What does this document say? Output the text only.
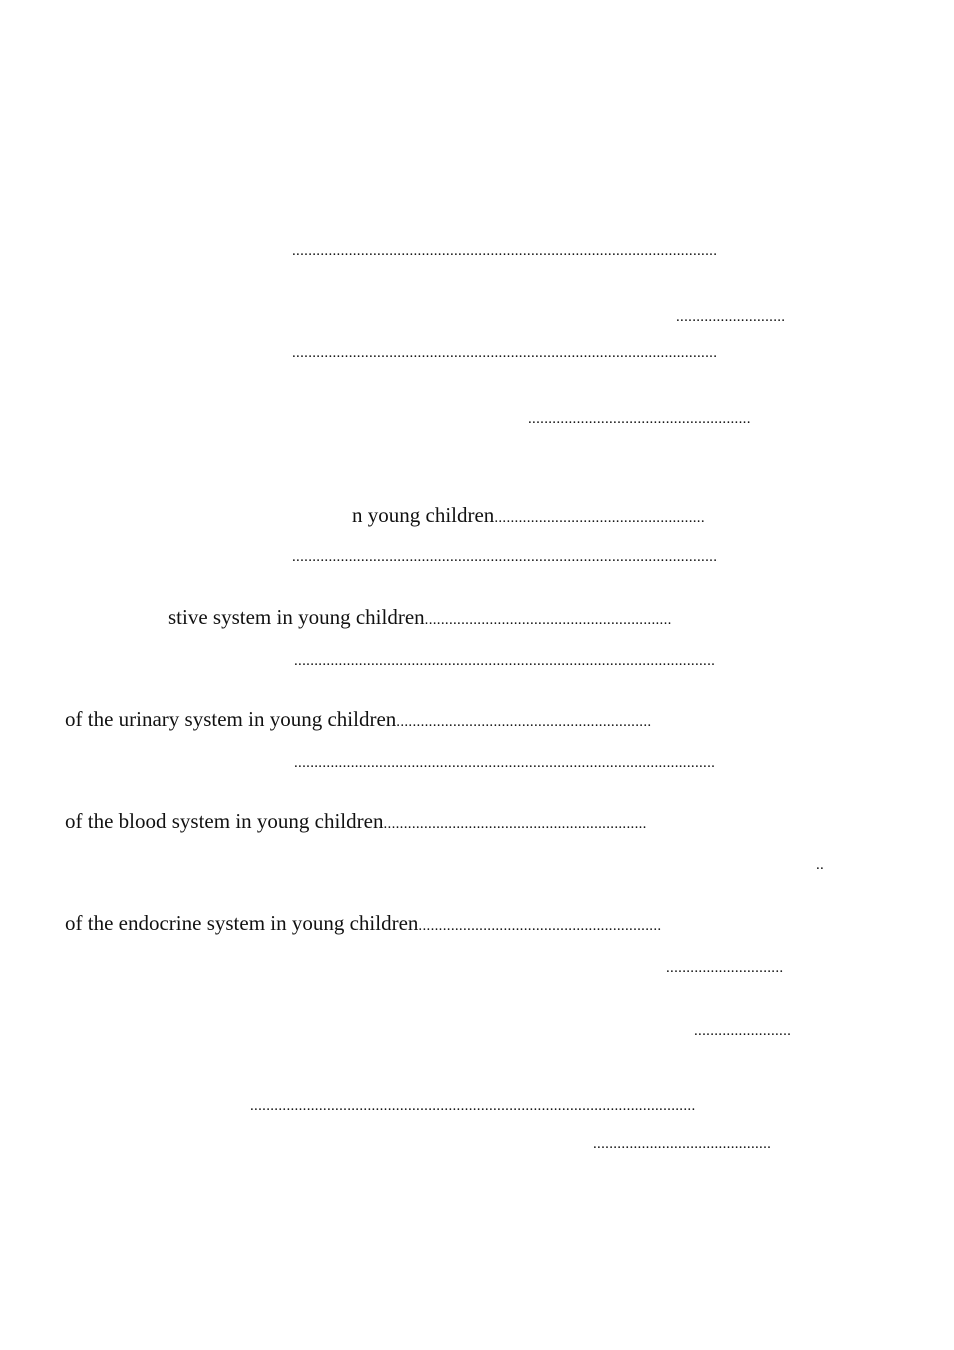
.........................................................................................................
...........................
.........................................................................................................
.......................................................
n young children....................................................
.........................................................................................................
stive system in young children.............................................................
........................................................................................................
of the urinary system in young children...............................................................
........................................................................................................
of the blood system in young children.................................................................
..
of the endocrine system in young children............................................................
.............................
........................
..............................................................................................................
............................................
